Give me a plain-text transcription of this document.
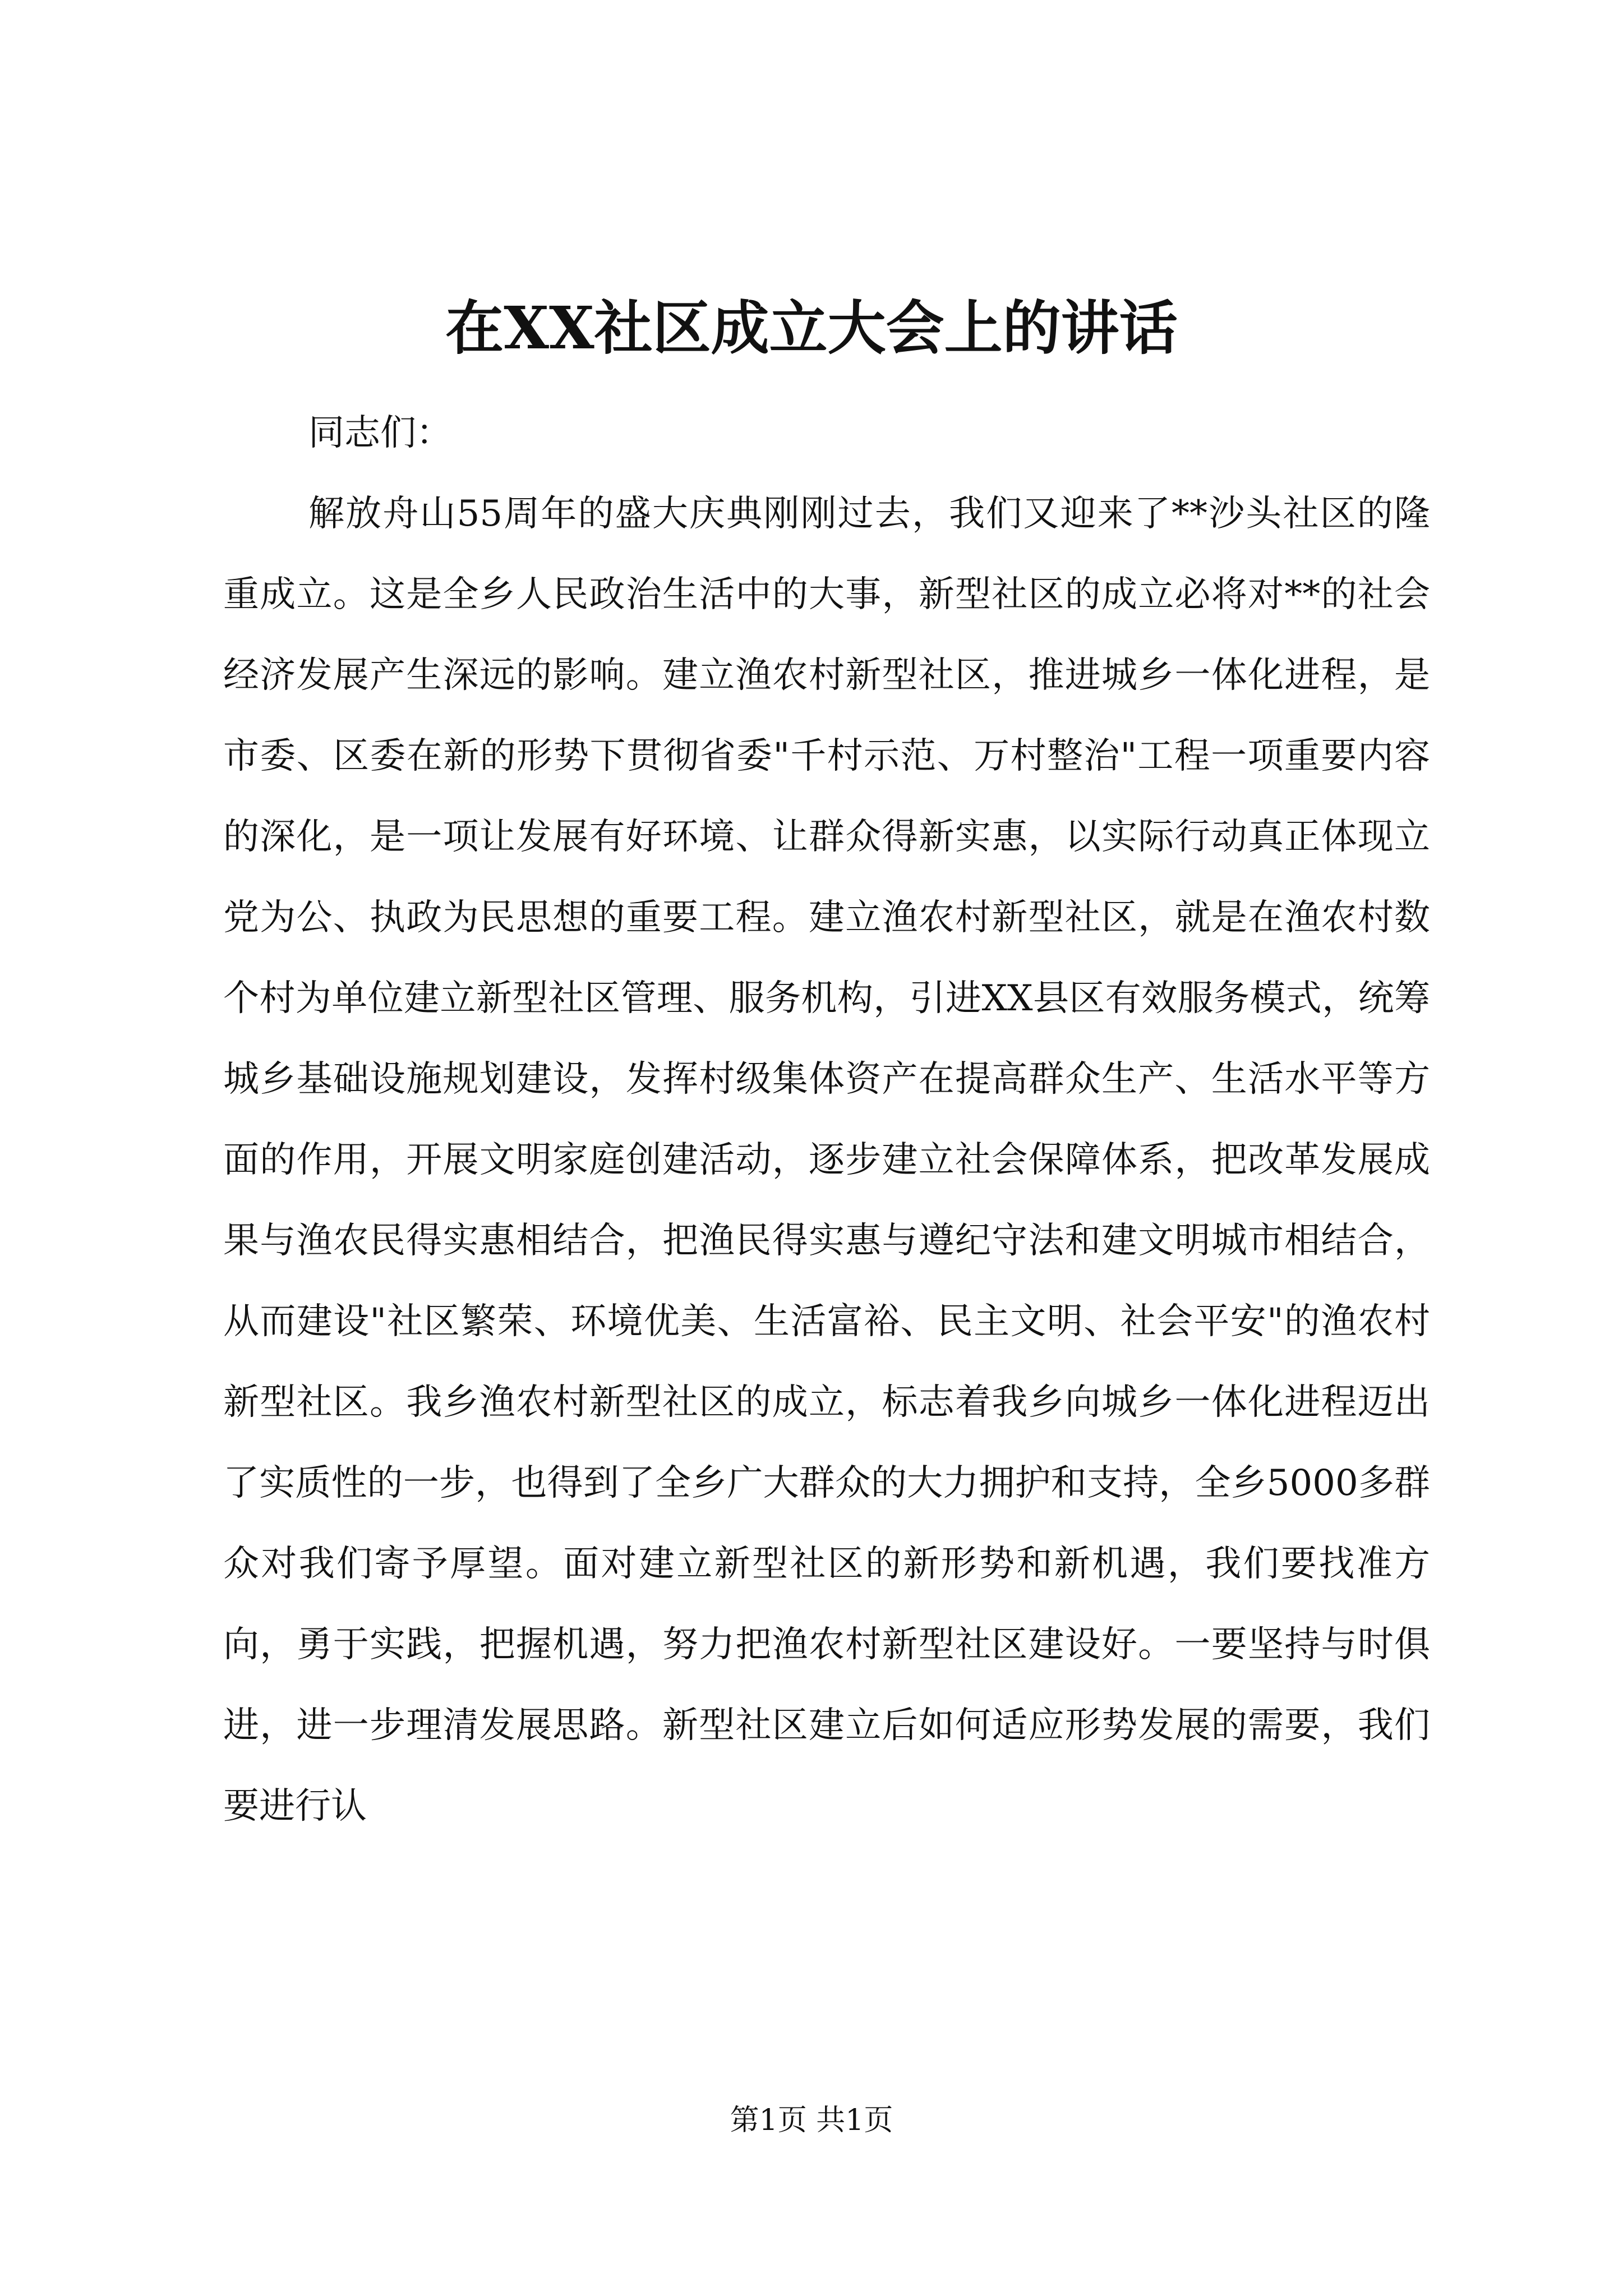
在XX社区成立大会上的讲话

同志们：

解放舟山55周年的盛大庆典刚刚过去，我们又迎来了**沙头社区的隆重成立。这是全乡人民政治生活中的大事，新型社区的成立必将对**的社会经济发展产生深远的影响。建立渔农村新型社区，推进城乡一体化进程，是市委、区委在新的形势下贯彻省委"千村示范、万村整治"工程一项重要内容的深化，是一项让发展有好环境、让群众得新实惠，以实际行动真正体现立党为公、执政为民思想的重要工程。建立渔农村新型社区，就是在渔农村数个村为单位建立新型社区管理、服务机构，引进XX县区有效服务模式，统筹城乡基础设施规划建设，发挥村级集体资产在提高群众生产、生活水平等方面的作用，开展文明家庭创建活动，逐步建立社会保障体系，把改革发展成果与渔农民得实惠相结合，把渔民得实惠与遵纪守法和建文明城市相结合，从而建设"社区繁荣、环境优美、生活富裕、民主文明、社会平安"的渔农村新型社区。我乡渔农村新型社区的成立，标志着我乡向城乡一体化进程迈出了实质性的一步，也得到了全乡广大群众的大力拥护和支持，全乡5000多群众对我们寄予厚望。面对建立新型社区的新形势和新机遇，我们要找准方向，勇于实践，把握机遇，努力把渔农村新型社区建设好。一要坚持与时俱进，进一步理清发展思路。新型社区建立后如何适应形势发展的需要，我们要进行认

第1页 共1页
